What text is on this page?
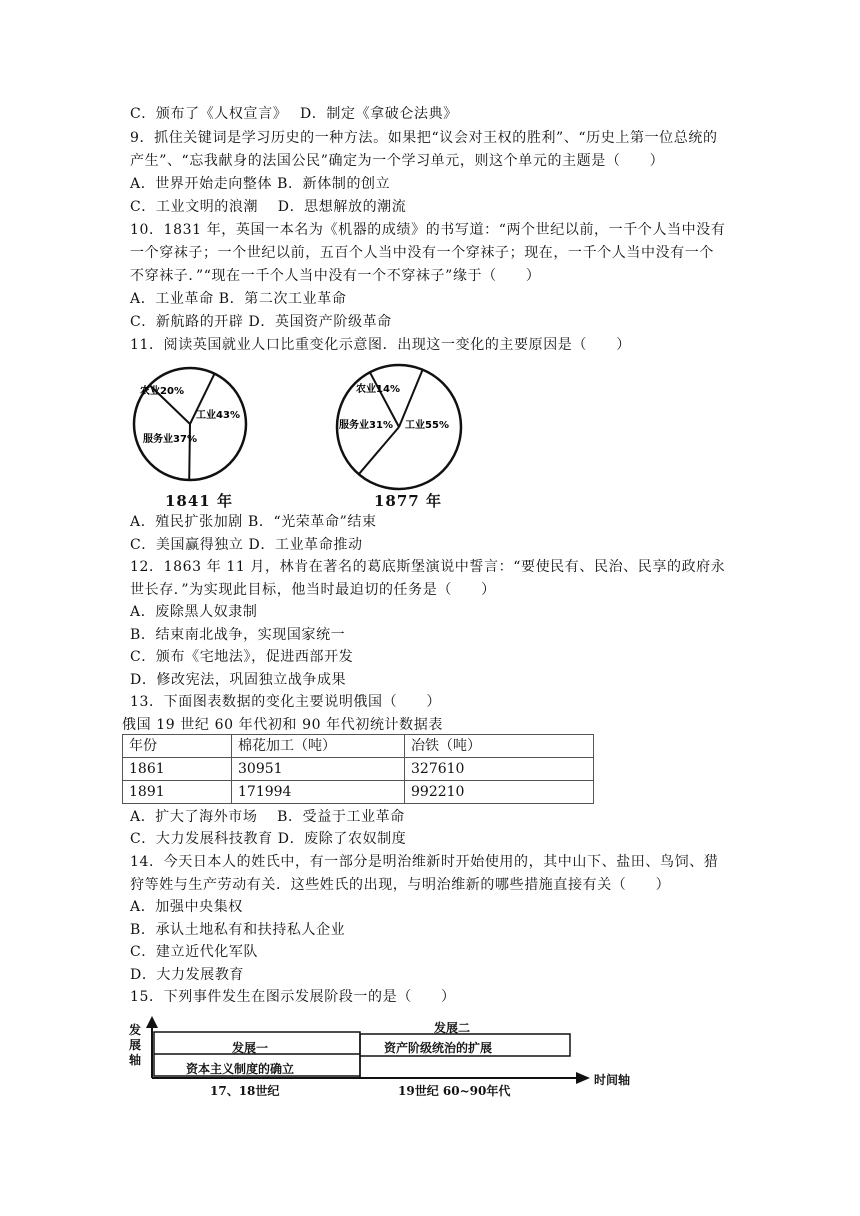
C．颁布了《人权宣言》　 D．制定《拿破仑法典》
9．抓住关键词是学习历史的一种方法。如果把“议会对王权的胜利”、“历史上第一位总统的
产生”、“忘我献身的法国公民”确定为一个学习单元，则这个单元的主题是（　　）
A．世界开始走向整体 B．新体制的创立
C．工业文明的浪潮　 D．思想解放的潮流
10．1831 年，英国一本名为《机器的成绩》的书写道：“两个世纪以前，一千个人当中没有
一个穿袜子；一个世纪以前，五百个人当中没有一个穿袜子；现在，一千个人当中没有一个
不穿袜子．”“现在一千个人当中没有一个不穿袜子”缘于（　　）
A．工业革命 B．第二次工业革命
C．新航路的开辟 D．英国资产阶级革命
11．阅读英国就业人口比重变化示意图．出现这一变化的主要原因是（　　）
农业20%
工业43%
服务业37%
1841 年
农业14%
工业55%
服务业31%
1877 年
A．殖民扩张加剧 B．“光荣革命”结束
C．美国赢得独立 D．工业革命推动
12．1863 年 11 月，林肯在著名的葛底斯堡演说中誓言：“要使民有、民治、民享的政府永
世长存．”为实现此目标，他当时最迫切的任务是（　　）
A．废除黑人奴隶制
B．结束南北战争，实现国家统一
C．颁布《宅地法》，促进西部开发
D．修改宪法，巩固独立战争成果
13．下面图表数据的变化主要说明俄国（　　）
俄国 19 世纪 60 年代初和 90 年代初统计数据表
年份	棉花加工（吨）	冶铁（吨）
1861	30951	327610
1891	171994	992210
A．扩大了海外市场　 B．受益于工业革命
C．大力发展科技教育 D．废除了农奴制度
14．今天日本人的姓氏中，有一部分是明治维新时开始使用的，其中山下、盐田、鸟饲、猎
狩等姓与生产劳动有关．这些姓氏的出现，与明治维新的哪些措施直接有关（　　）
A．加强中央集权
B．承认土地私有和扶持私人企业
C．建立近代化军队
D．大力发展教育
15．下列事件发生在图示发展阶段一的是（　　）
发展轴
发展一
资本主义制度的确立
发展二
资产阶级统治的扩展
17、18世纪	19世纪 60~90年代
时间轴
